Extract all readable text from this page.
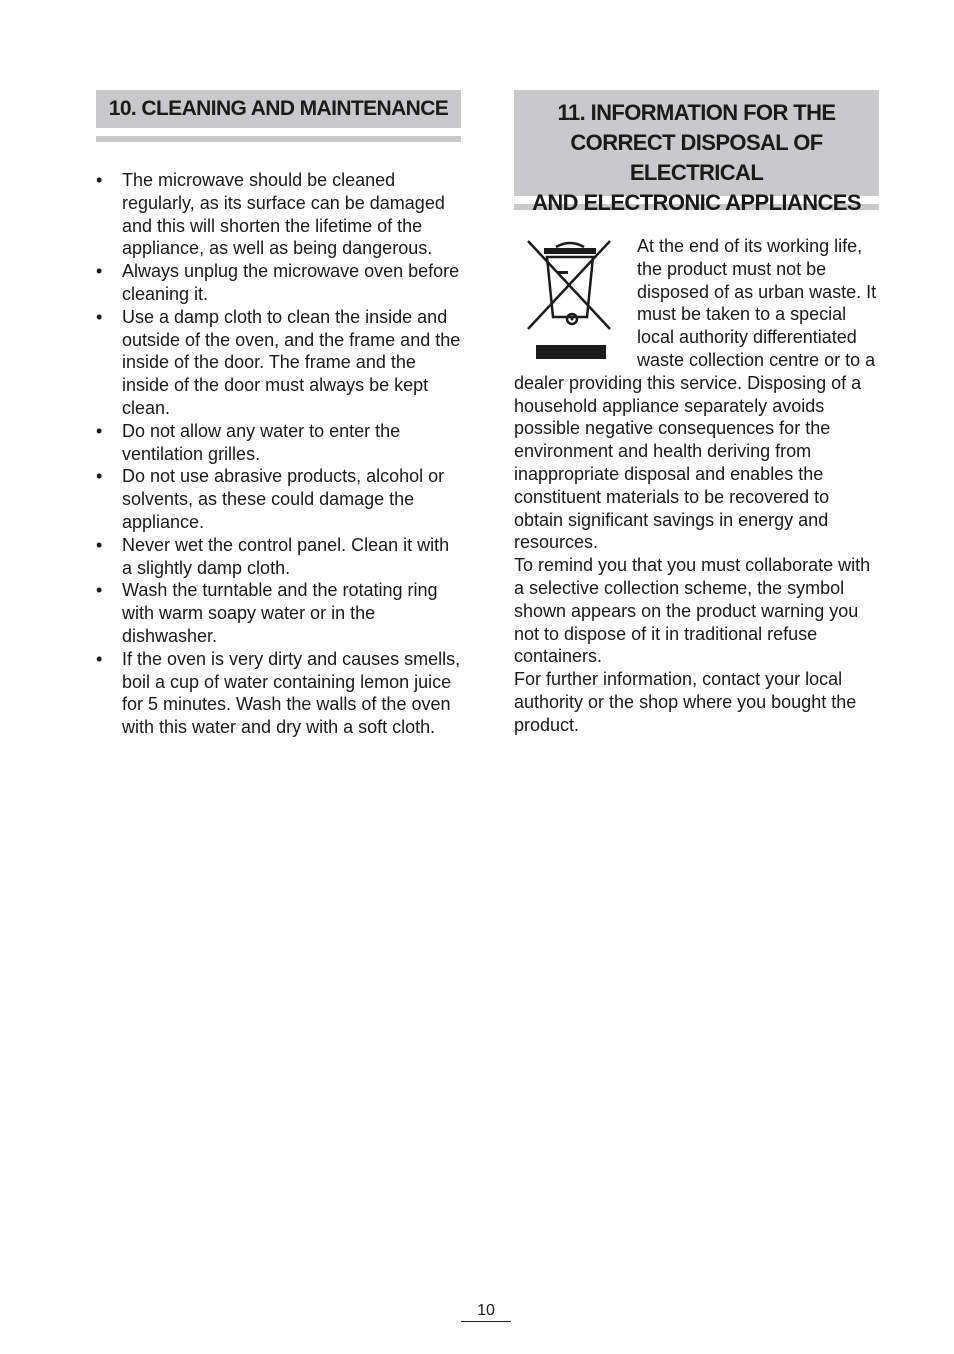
10. CLEANING AND MAINTENANCE
• The microwave should be cleaned regularly, as its surface can be damaged and this will shorten the lifetime of the appliance, as well as being dangerous.
• Always unplug the microwave oven before cleaning it.
• Use a damp cloth to clean the inside and outside of the oven, and the frame and the inside of the door. The frame and the inside of the door must always be kept clean.
• Do not allow any water to enter the ventilation grilles.
• Do not use abrasive products, alcohol or solvents, as these could damage the appliance.
• Never wet the control panel. Clean it with a slightly damp cloth.
• Wash the turntable and the rotating ring with warm soapy water or in the dishwasher.
• If the oven is very dirty and causes smells, boil a cup of water containing lemon juice for 5 minutes. Wash the walls of the oven with this water and dry with a soft cloth.
11. INFORMATION FOR THE
CORRECT DISPOSAL OF ELECTRICAL
AND ELECTRONIC APPLIANCES

At the end of its working life, the product must not be disposed of as urban waste. It must be taken to a special local authority differentiated waste collection centre or to a dealer providing this service. Disposing of a household appliance separately avoids possible negative consequences for the environment and health deriving from inappropriate disposal and enables the constituent materials to be recovered to obtain significant savings in energy and resources.

To remind you that you must collaborate with a selective collection scheme, the symbol shown appears on the product warning you not to dispose of it in traditional refuse containers.

For further information, contact your local authority or the shop where you bought the product.

10
